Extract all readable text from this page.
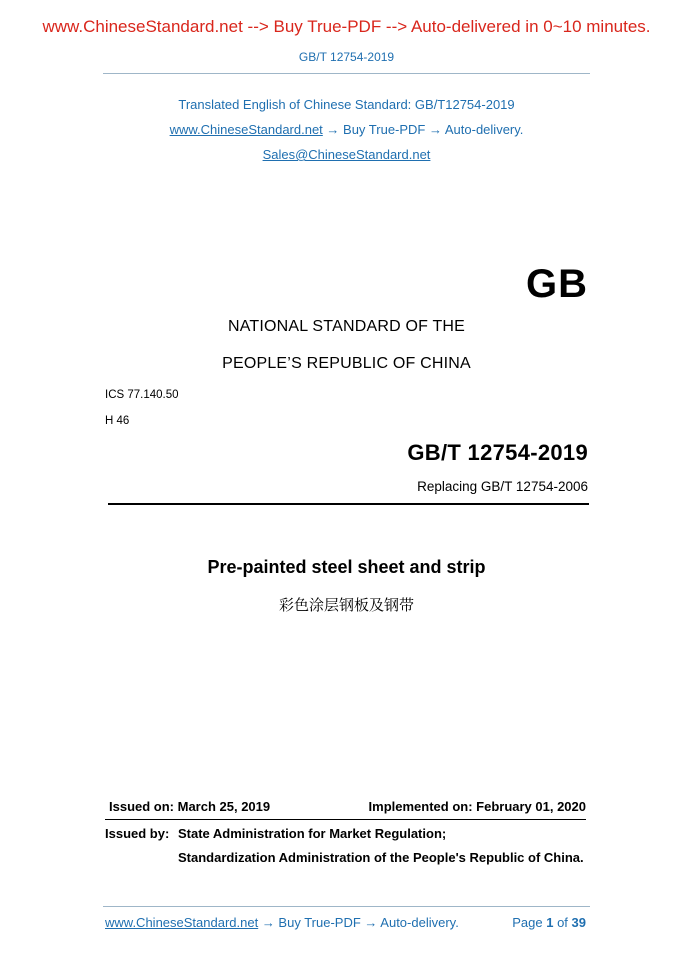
www.ChineseStandard.net --> Buy True-PDF --> Auto-delivered in 0~10 minutes.
GB/T 12754-2019
Translated English of Chinese Standard: GB/T12754-2019
www.ChineseStandard.net → Buy True-PDF → Auto-delivery.
Sales@ChineseStandard.net
GB
NATIONAL STANDARD OF THE
PEOPLE’S REPUBLIC OF CHINA
ICS 77.140.50
H 46
GB/T 12754-2019
Replacing GB/T 12754-2006
Pre-painted steel sheet and strip
彩色涂层钢板及钢带
Issued on: March 25, 2019	Implemented on: February 01, 2020
Issued by: State Administration for Market Regulation;
Standardization Administration of the People's Republic of China.
www.ChineseStandard.net → Buy True-PDF → Auto-delivery.	Page 1 of 39
